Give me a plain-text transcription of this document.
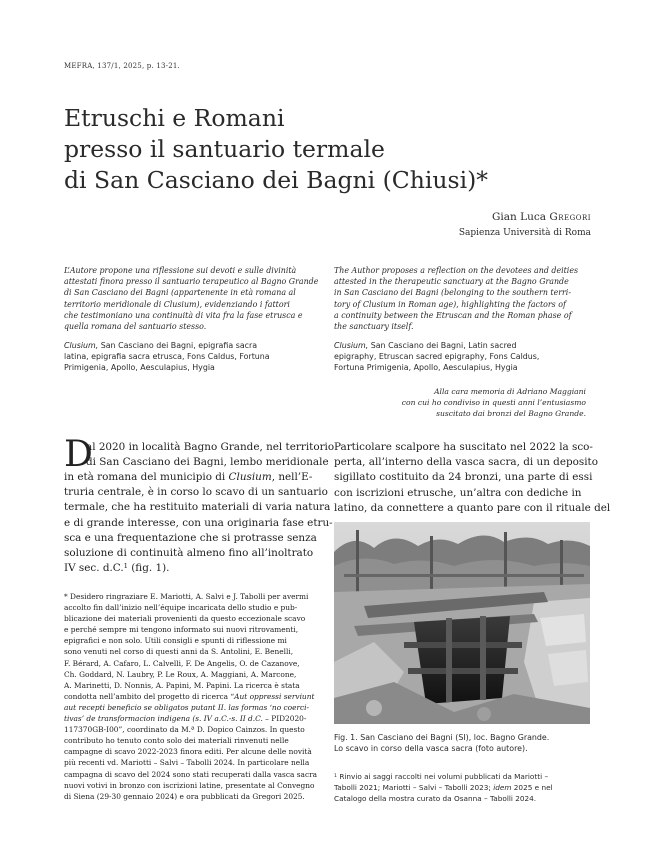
MEFRA, 137/1, 2025, p. 13-21.
Etruschi e Romani
presso il santuario termale
di San Casciano dei Bagni (Chiusi)*
Gian Luca Gregori
Sapienza Università di Roma
L’Autore propone una riflessione sui devoti e sulle divinità
attestati finora presso il santuario terapeutico al Bagno Grande
di San Casciano dei Bagni (appartenente in età romana al
territorio meridionale di Clusium), evidenziando i fattori
che testimoniano una continuità di vita fra la fase etrusca e
quella romana del santuario stesso.
The Author proposes a reflection on the devotees and deities
attested in the therapeutic sanctuary at the Bagno Grande
in San Casciano dei Bagni (belonging to the southern terri-
tory of Clusium in Roman age), highlighting the factors of
a continuity between the Etruscan and the Roman phase of
the sanctuary itself.
Clusium, San Casciano dei Bagni, epigrafia sacra
latina, epigrafia sacra etrusca, Fons Caldus, Fortuna
Primigenia, Apollo, Aesculapius, Hygia
Clusium, San Casciano dei Bagni, Latin sacred
epigraphy, Etruscan sacred epigraphy, Fons Caldus,
Fortuna Primigenia, Apollo, Aesculapius, Hygia
Alla cara memoria di Adriano Maggiani
con cui ho condiviso in questi anni l’entusiasmo
suscitato dai bronzi del Bagno Grande.
D
al 2020 in località Bagno Grande, nel territorio
di San Casciano dei Bagni, lembo meridionale
in età romana del municipio di Clusium, nell’E-
truria centrale, è in corso lo scavo di un santuario
termale, che ha restituito materiali di varia natura
e di grande interesse, con una originaria fase etru-
sca e una frequentazione che si protrasse senza
soluzione di continuità almeno fino all’inoltrato
IV sec. d.C.$^1$ (fig. 1).
Particolare scalpore ha suscitato nel 2022 la sco-
perta, all’interno della vasca sacra, di un deposito
sigillato costituito da 24 bronzi, una parte di essi
con iscrizioni etrusche, un’altra con dediche in
latino, da connettere a quanto pare con il rituale del
* Desidero ringraziare E. Mariotti, A. Salvi e J. Tabolli per avermi
accolto fin dall’inizio nell’équipe incaricata dello studio e pub-
blicazione dei materiali provenienti da questo eccezionale scavo
e perché sempre mi tengono informato sui nuovi ritrovamenti,
epigrafici e non solo. Utili consigli e spunti di riflessione mi
sono venuti nel corso di questi anni da S. Antolini, E. Benelli,
F. Bérard, A. Cafaro, L. Calvelli, F. De Angelis, O. de Cazanove,
Ch. Goddard, N. Laubry, P. Le Roux, A. Maggiani, A. Marcone,
A. Marinetti, D. Nonnis, A. Papini, M. Papini. La ricerca è stata
condotta nell’ambito del progetto di ricerca “Aut oppressi serviunt
aut recepti beneficio se obligatos putant II. las formas ‘no coerci-
tivas’ de transformacion indigena (s. IV a.C.-s. II d.C. – PID2020-
117370GB-I00”, coordinato da M.ª D. Dopico Cainzos. In questo
contributo ho tenuto conto solo dei materiali rinvenuti nelle
campagne di scavo 2022-2023 finora editi. Per alcune delle novità
più recenti vd. Mariotti – Salvi – Tabolli 2024. In particolare nella
campagna di scavo del 2024 sono stati recuperati dalla vasca sacra
nuovi votivi in bronzo con iscrizioni latine, presentate al Convegno
di Siena (29-30 gennaio 2024) e ora pubblicati da Gregori 2025.
Fig. 1. San Casciano dei Bagni (SI), loc. Bagno Grande.
Lo scavo in corso della vasca sacra (foto autore).
$^1$ Rinvio ai saggi raccolti nei volumi pubblicati da Mariotti –
Tabolli 2021; Mariotti – Salvi – Tabolli 2023; idem 2025 e nel
Catalogo della mostra curato da Osanna – Tabolli 2024.
